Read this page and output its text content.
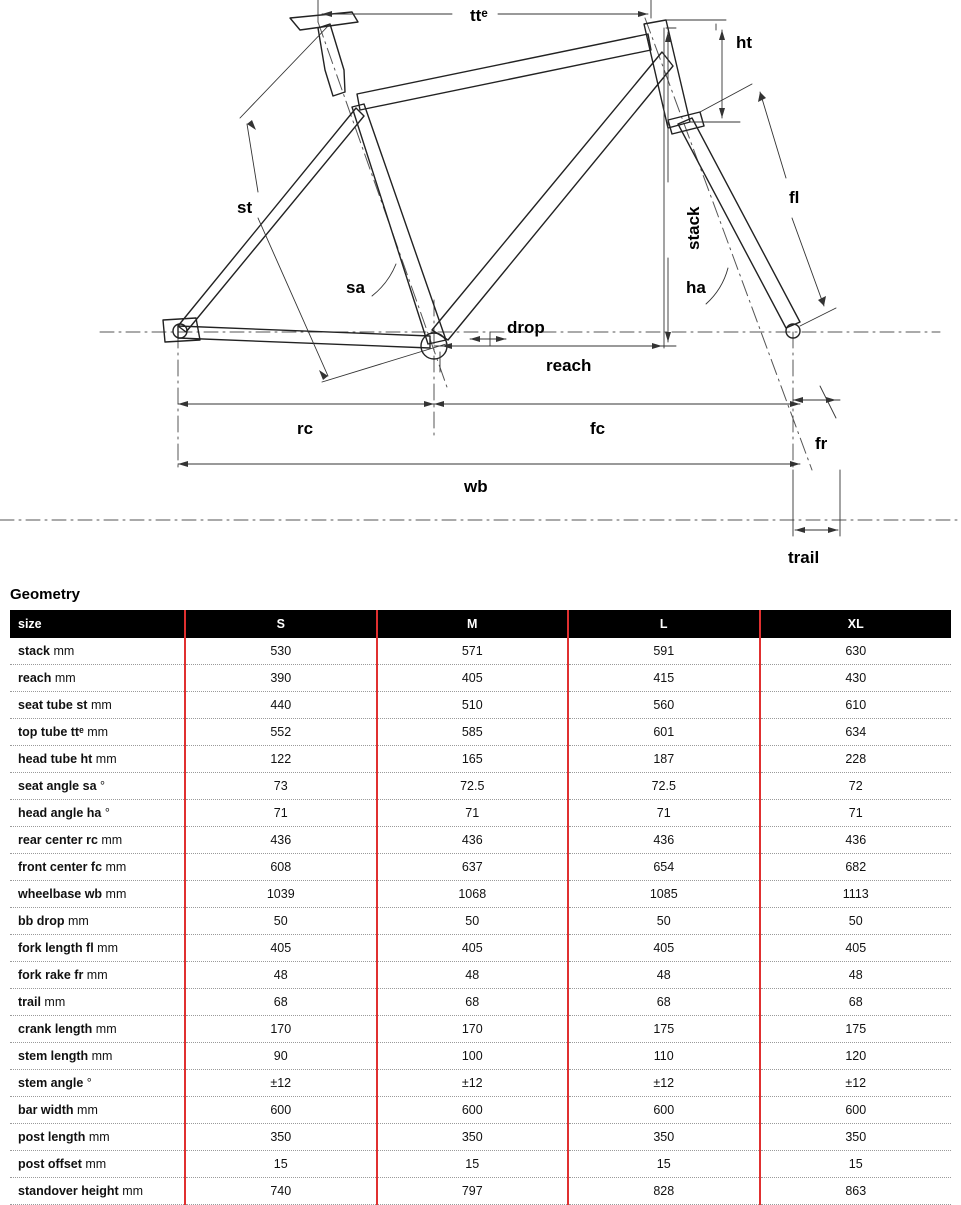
ttᵉ
ht
st
fl
stack
sa	ha
drop
reach
rc	fc
fr
wb
trail
Geometry
size	S	M	L	XL
stack mm	530	571	591	630
reach mm	390	405	415	430
seat tube st mm	440	510	560	610
top tube ttᵉ mm	552	585	601	634
head tube ht mm	122	165	187	228
seat angle sa °	73	72.5	72.5	72
head angle ha °	71	71	71	71
rear center rc mm	436	436	436	436
front center fc mm	608	637	654	682
wheelbase wb mm	1039	1068	1085	1113
bb drop mm	50	50	50	50
fork length fl mm	405	405	405	405
fork rake fr mm	48	48	48	48
trail mm	68	68	68	68
crank length mm	170	170	175	175
stem length mm	90	100	110	120
stem angle °	±12	±12	±12	±12
bar width mm	600	600	600	600
post length mm	350	350	350	350
post offset mm	15	15	15	15
standover height mm	740	797	828	863
